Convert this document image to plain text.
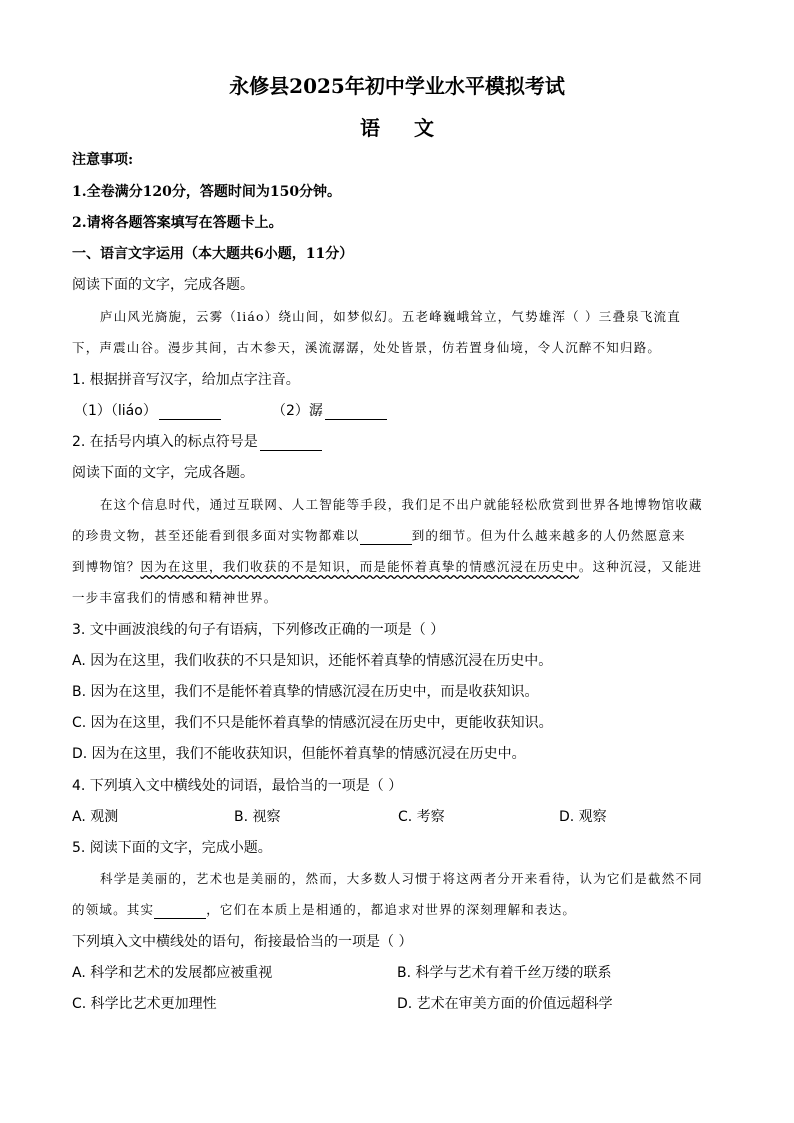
永修县2025年初中学业水平模拟考试
语文
注意事项:
1.全卷满分120分，答题时间为150分钟。
2.请将各题答案填写在答题卡上。
一、语言文字运用（本大题共6小题，11分）
阅读下面的文字，完成各题。
庐山风光旖旎，云雾（liáo）绕山间，如梦似幻。五老峰巍峨耸立，气势雄浑（ ）三叠泉飞流直
下，声震山谷。漫步其间，古木参天，溪流潺潺，处处皆景，仿若置身仙境，令人沉醉不知归路。
1. 根据拼音写汉字，给加点字注音。
（1）（liáo）	（2）潺
2. 在括号内填入的标点符号是
阅读下面的文字，完成各题。
在这个信息时代，通过互联网、人工智能等手段，我们足不出户就能轻松欣赏到世界各地博物馆收藏
的珍贵文物，甚至还能看到很多面对实物都难以	到的细节。但为什么越来越多的人仍然愿意来
到博物馆？因为在这里，我们收获的不是知识，而是能怀着真挚的情感沉浸在历史中。这种沉浸，又能进
一步丰富我们的情感和精神世界。
3. 文中画波浪线的句子有语病，下列修改正确的一项是（ ）
A. 因为在这里，我们收获的不只是知识，还能怀着真挚的情感沉浸在历史中。
B. 因为在这里，我们不是能怀着真挚的情感沉浸在历史中，而是收获知识。
C. 因为在这里，我们不只是能怀着真挚的情感沉浸在历史中，更能收获知识。
D. 因为在这里，我们不能收获知识，但能怀着真挚的情感沉浸在历史中。
4. 下列填入文中横线处的词语，最恰当的一项是（ ）
A. 观测	B. 视察	C. 考察	D. 观察
5. 阅读下面的文字，完成小题。
科学是美丽的，艺术也是美丽的，然而，大多数人习惯于将这两者分开来看待，认为它们是截然不同
的领域。其实	，它们在本质上是相通的，都追求对世界的深刻理解和表达。
下列填入文中横线处的语句，衔接最恰当的一项是（ ）
A. 科学和艺术的发展都应被重视	B. 科学与艺术有着千丝万缕的联系
C. 科学比艺术更加理性	D. 艺术在审美方面的价值远超科学
